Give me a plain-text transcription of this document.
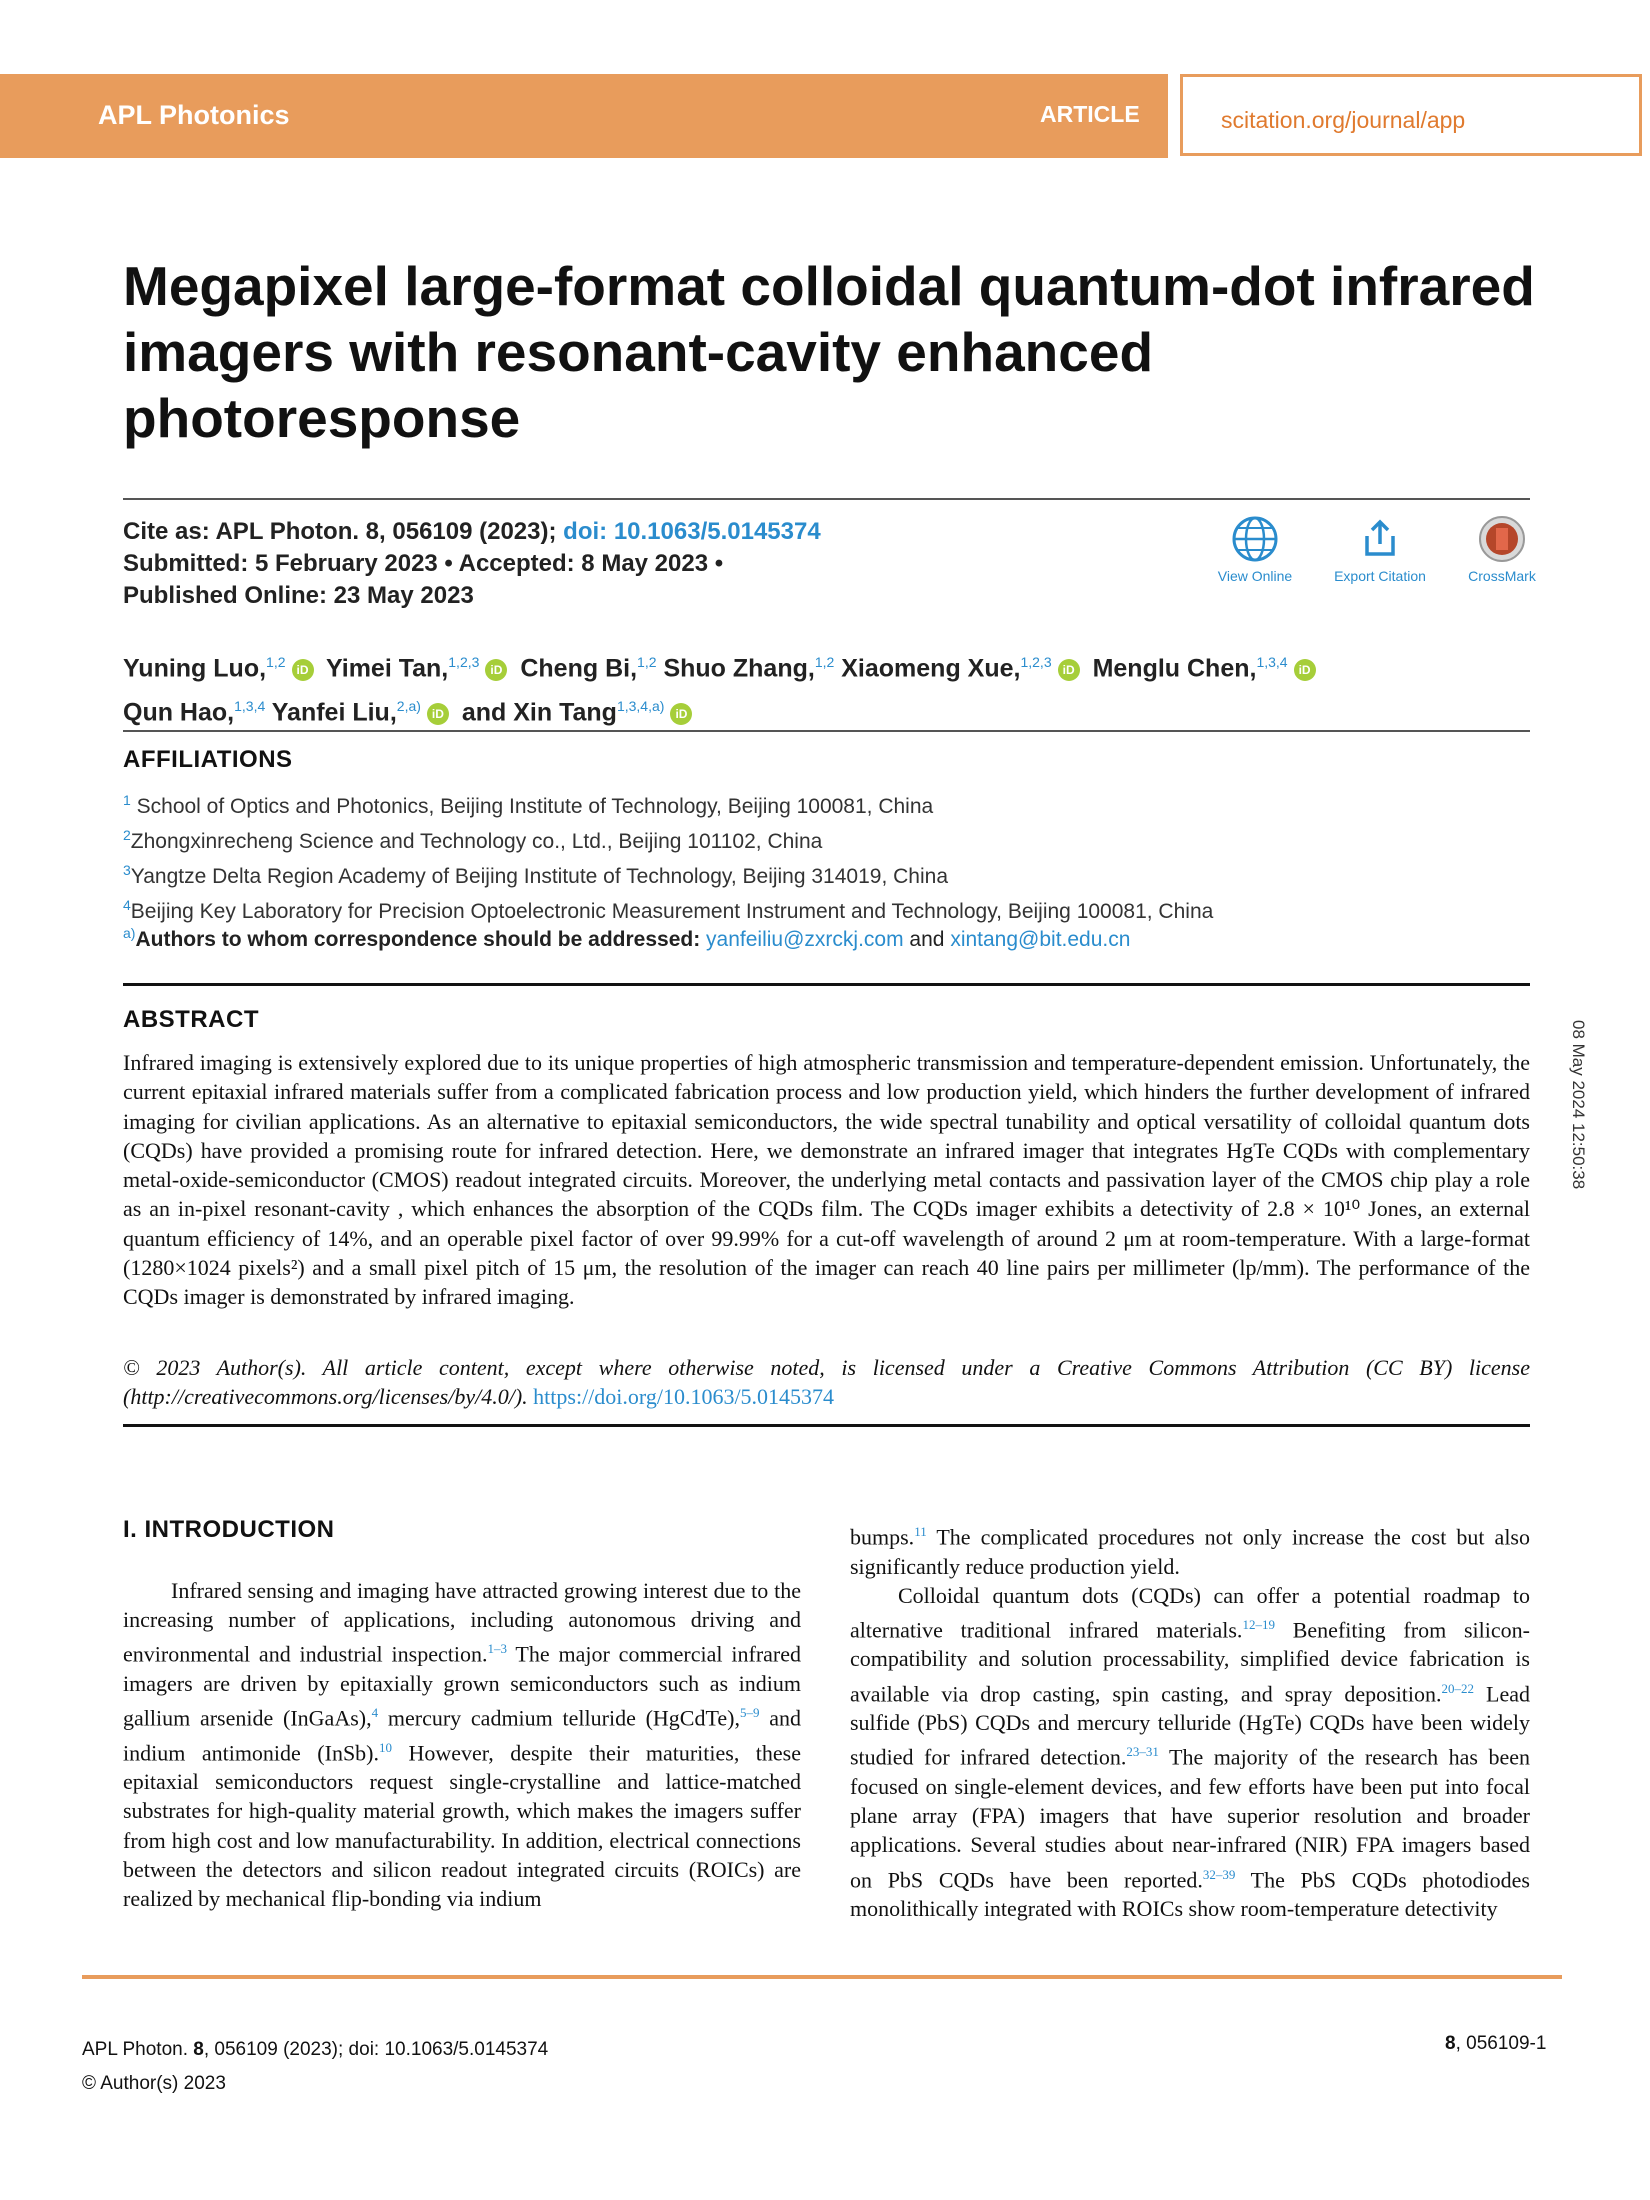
APL Photonics	ARTICLE	scitation.org/journal/app
Megapixel large-format colloidal quantum-dot infrared imagers with resonant-cavity enhanced photoresponse
Cite as: APL Photon. 8, 056109 (2023); doi: 10.1063/5.0145374
Submitted: 5 February 2023 • Accepted: 8 May 2023 •
Published Online: 23 May 2023
View Online	Export Citation	CrossMark
Yuning Luo,$^{1,2}$ iD Yimei Tan,$^{1,2,3}$ iD Cheng Bi,$^{1,2}$ Shuo Zhang,$^{1,2}$ Xiaomeng Xue,$^{1,2,3}$ iD Menglu Chen,$^{1,3,4}$ iD
Qun Hao,$^{1,3,4}$ Yanfei Liu,$^{2,a)}$ iD and Xin Tang$^{1,3,4,a)}$ iD
AFFILIATIONS
$^1$ School of Optics and Photonics, Beijing Institute of Technology, Beijing 100081, China
$^2$Zhongxinrecheng Science and Technology co., Ltd., Beijing 101102, China
$^3$Yangtze Delta Region Academy of Beijing Institute of Technology, Beijing 314019, China
$^4$Beijing Key Laboratory for Precision Optoelectronic Measurement Instrument and Technology, Beijing 100081, China
$^{a)}$Authors to whom correspondence should be addressed: yanfeiliu@zxrckj.com and xintang@bit.edu.cn
ABSTRACT
Infrared imaging is extensively explored due to its unique properties of high atmospheric transmission and temperature-dependent emission. Unfortunately, the current epitaxial infrared materials suffer from a complicated fabrication process and low production yield, which hinders the further development of infrared imaging for civilian applications. As an alternative to epitaxial semiconductors, the wide spectral tunability and optical versatility of colloidal quantum dots (CQDs) have provided a promising route for infrared detection. Here, we demonstrate an infrared imager that integrates HgTe CQDs with complementary metal-oxide-semiconductor (CMOS) readout integrated circuits. Moreover, the underlying metal contacts and passivation layer of the CMOS chip play a role as an in-pixel resonant-cavity , which enhances the absorption of the CQDs film. The CQDs imager exhibits a detectivity of 2.8 × 10¹⁰ Jones, an external quantum efficiency of 14%, and an operable pixel factor of over 99.99% for a cut-off wavelength of around 2 μm at room-temperature. With a large-format (1280×1024 pixels²) and a small pixel pitch of 15 μm, the resolution of the imager can reach 40 line pairs per millimeter (lp/mm). The performance of the CQDs imager is demonstrated by infrared imaging.
© 2023 Author(s). All article content, except where otherwise noted, is licensed under a Creative Commons Attribution (CC BY) license (http://creativecommons.org/licenses/by/4.0/). https://doi.org/10.1063/5.0145374
I. INTRODUCTION

Infrared sensing and imaging have attracted growing interest due to the increasing number of applications, including autonomous driving and environmental and industrial inspection.$^{1-3}$ The major commercial infrared imagers are driven by epitaxially grown semiconductors such as indium gallium arsenide (InGaAs),$^4$ mercury cadmium telluride (HgCdTe),$^{5-9}$ and indium antimonide (InSb).$^{10}$ However, despite their maturities, these epitaxial semiconductors request single-crystalline and lattice-matched substrates for high-quality material growth, which makes the imagers suffer from high cost and low manufacturability. In addition, electrical connections between the detectors and silicon readout integrated circuits (ROICs) are realized by mechanical flip-bonding via indium

bumps.$^{11}$ The complicated procedures not only increase the cost but also significantly reduce production yield.

Colloidal quantum dots (CQDs) can offer a potential roadmap to alternative traditional infrared materials.$^{12-19}$ Benefiting from silicon-compatibility and solution processability, simplified device fabrication is available via drop casting, spin casting, and spray deposition.$^{20-22}$ Lead sulfide (PbS) CQDs and mercury telluride (HgTe) CQDs have been widely studied for infrared detection.$^{23-31}$ The majority of the research has been focused on single-element devices, and few efforts have been put into focal plane array (FPA) imagers that have superior resolution and broader applications. Several studies about near-infrared (NIR) FPA imagers based on PbS CQDs have been reported.$^{32-39}$ The PbS CQDs photodiodes monolithically integrated with ROICs show room-temperature detectivity

APL Photon. 8, 056109 (2023); doi: 10.1063/5.0145374
© Author(s) 2023
8, 056109-1
08 May 2024 12:50:38
